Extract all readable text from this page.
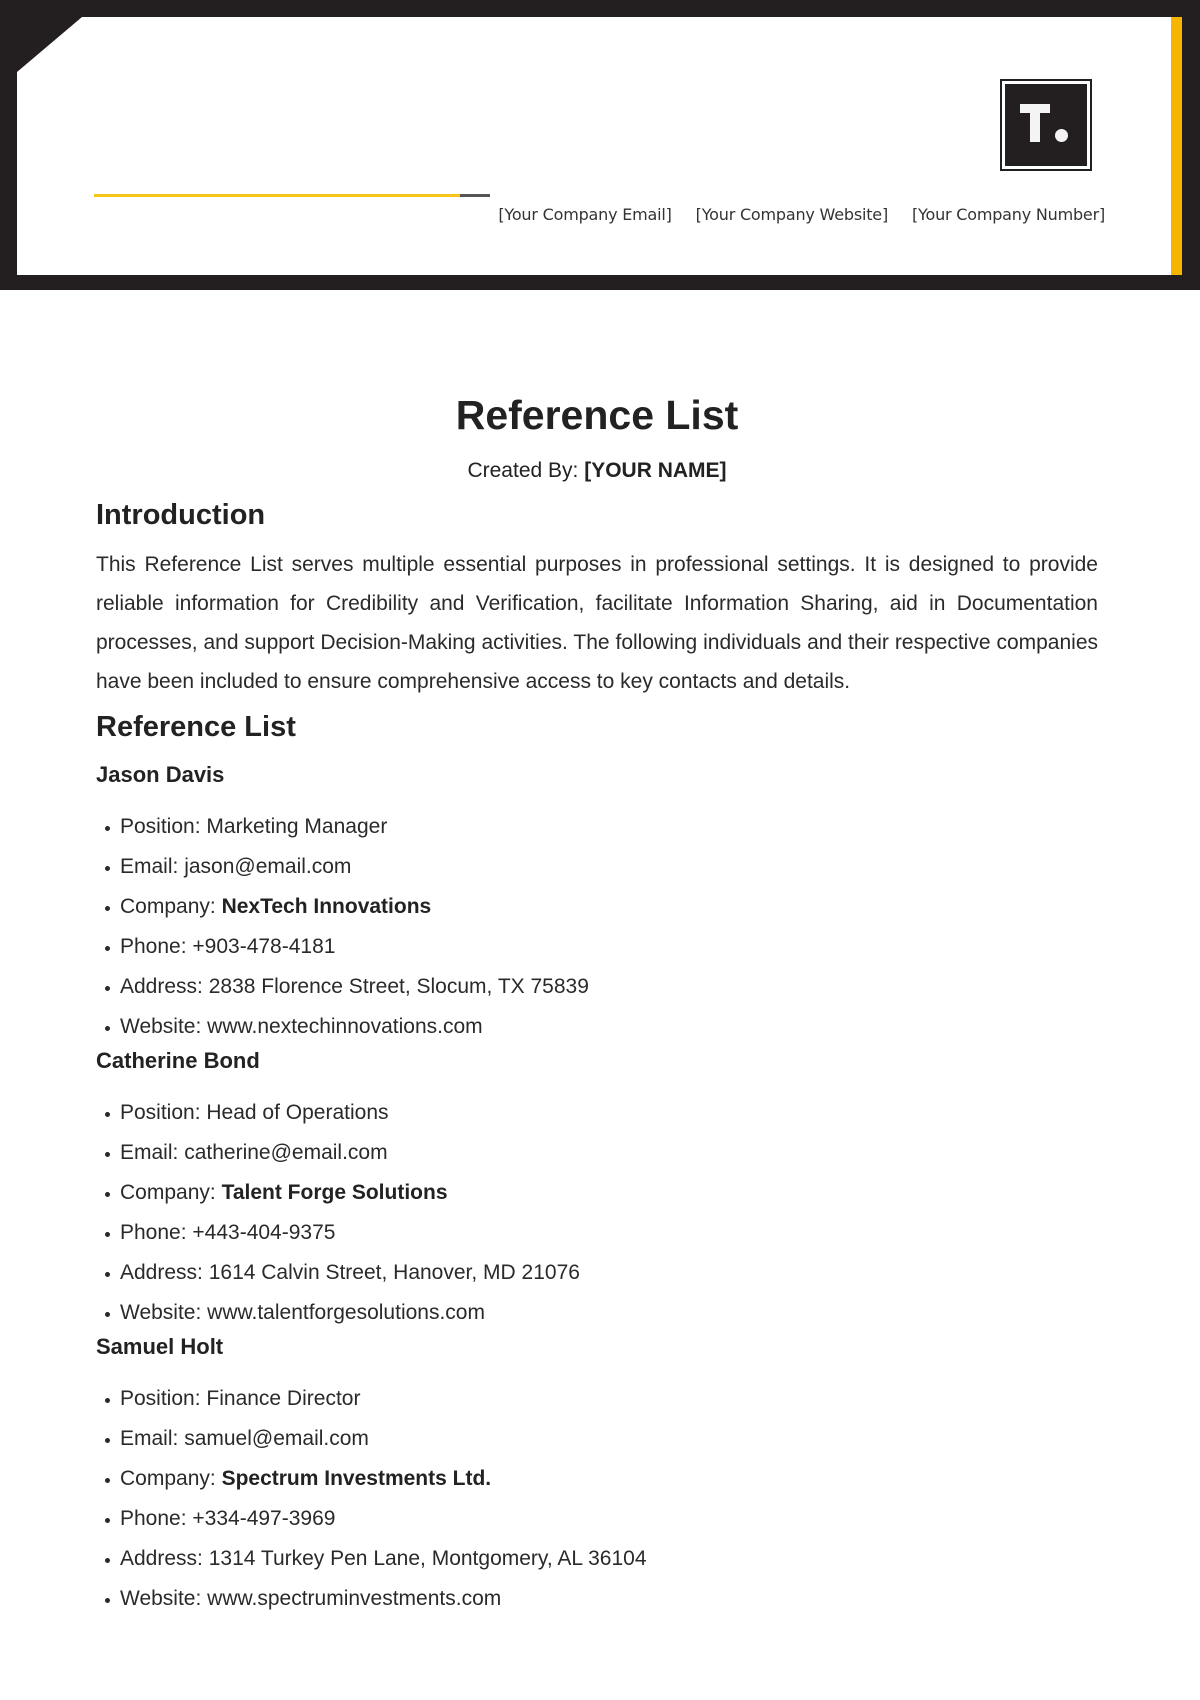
[Your Company Email] [Your Company Website] [Your Company Number]
Reference List
Created By: [YOUR NAME]
Introduction

This Reference List serves multiple essential purposes in professional settings. It is designed to provide reliable information for Credibility and Verification, facilitate Information Sharing, aid in Documentation processes, and support Decision-Making activities. The following individuals and their respective companies have been included to ensure comprehensive access to key contacts and details.

Reference List
Jason Davis
Position: Marketing Manager
Email: jason@email.com
Company: NexTech Innovations
Phone: +903-478-4181
Address: 2838 Florence Street, Slocum, TX 75839
Website: www.nextechinnovations.com
Catherine Bond
Position: Head of Operations
Email: catherine@email.com
Company: Talent Forge Solutions
Phone: +443-404-9375
Address: 1614 Calvin Street, Hanover, MD 21076
Website: www.talentforgesolutions.com
Samuel Holt
Position: Finance Director
Email: samuel@email.com
Company: Spectrum Investments Ltd.
Phone: +334-497-3969
Address: 1314 Turkey Pen Lane, Montgomery, AL 36104
Website: www.spectruminvestments.com
